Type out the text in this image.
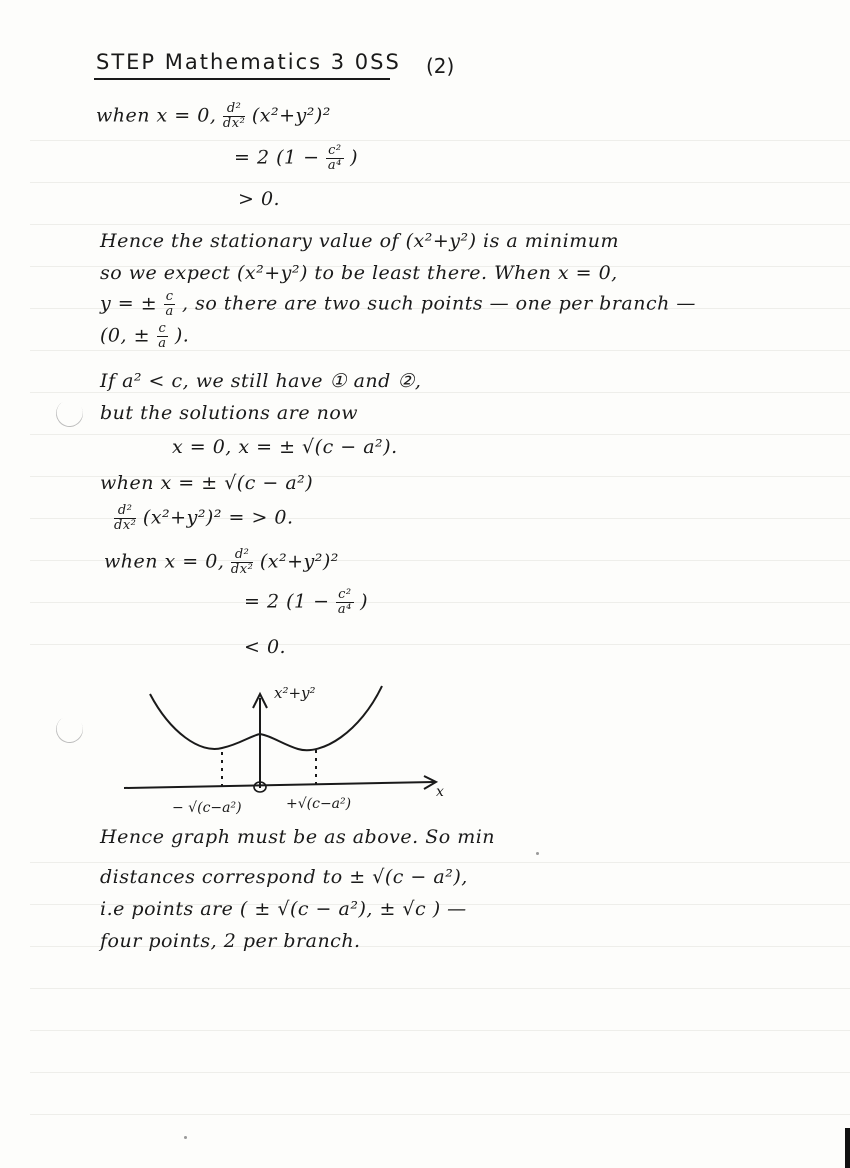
STEP Mathematics 3 0SS (2)
when x = 0, $\frac{\text{d²}}{\text{dx²}} (x^2+y^2)^2$
= 2 ($1 - \frac{\text{c²}}{\text{a⁴}}$ )
> 0.
Hence the stationary value of (x²+y²) is a minimum
so we expect (x²+y²) to be least there. When x = 0,
y = ± $\frac{c}{a}$ , so there are two such points — one per branch —
(0, ± $\frac{c}{a}$ ).
If a² < c, we still have ① and ②,
but the solutions are now
x = 0, x = ± √(c − a²).
when x = ± √(c − a²)
$\frac{\text{d²}}{\text{dx²}} (x^2+y^2)^2$ = > 0.
when x = 0, $\frac{\text{d²}}{\text{dx²}} (x^2+y^2)^2$
= 2 ($1 - \frac{\text{c²}}{\text{a⁴}}$ )
< 0.
x²+y²
x
− √(c−a²)	+√(c−a²)
Hence graph must be as above. So min
distances correspond to ± √(c − a²),
i.e points are ( ± √(c − a²), ± √c ) —
four points, 2 per branch.
